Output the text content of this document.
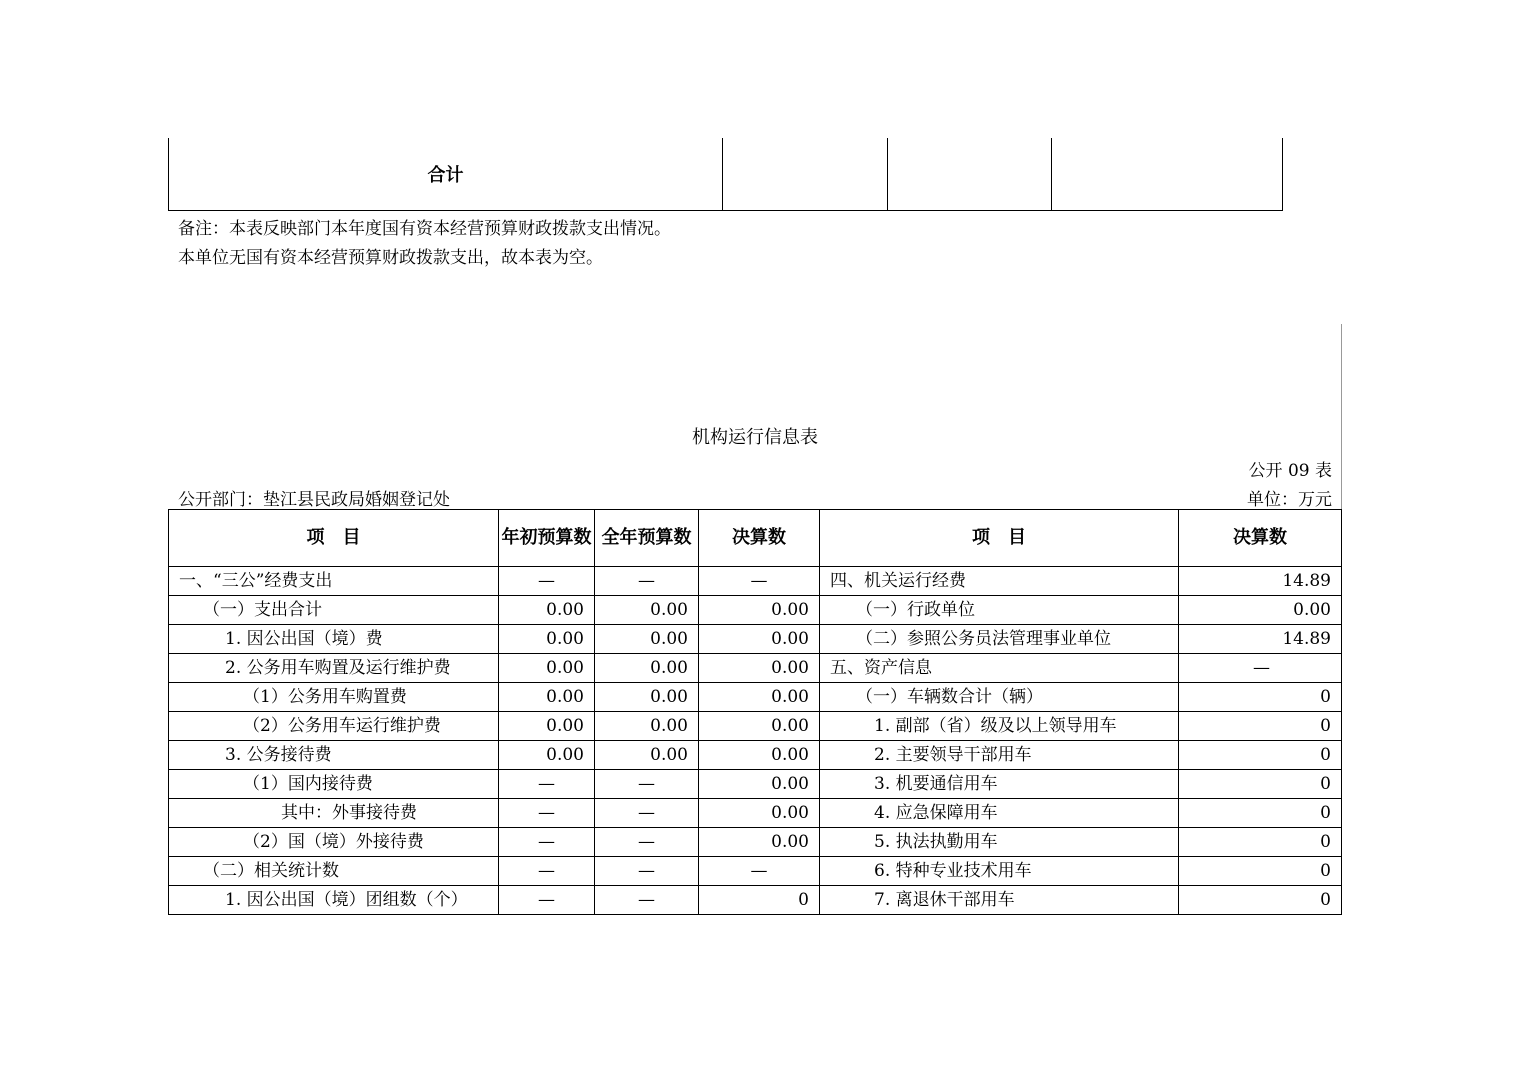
合计			
备注：本表反映部门本年度国有资本经营预算财政拨款支出情况。
本单位无国有资本经营预算财政拨款支出，故本表为空。
机构运行信息表
公开 09 表
公开部门：垫江县民政局婚姻登记处	单位：万元
项　目	年初预算数	全年预算数	决算数	项　目	决算数
一、“三公”经费支出	—	—	—	四、机关运行经费	14.89
（一）支出合计	0.00	0.00	0.00	（一）行政单位	0.00
1. 因公出国（境）费	0.00	0.00	0.00	（二）参照公务员法管理事业单位	14.89
2. 公务用车购置及运行维护费	0.00	0.00	0.00	五、资产信息	—
（1）公务用车购置费	0.00	0.00	0.00	（一）车辆数合计（辆）	0
（2）公务用车运行维护费	0.00	0.00	0.00	1. 副部（省）级及以上领导用车	0
3. 公务接待费	0.00	0.00	0.00	2. 主要领导干部用车	0
（1）国内接待费	—	—	0.00	3. 机要通信用车	0
其中：外事接待费	—	—	0.00	4. 应急保障用车	0
（2）国（境）外接待费	—	—	0.00	5. 执法执勤用车	0
（二）相关统计数	—	—	—	6. 特种专业技术用车	0
1. 因公出国（境）团组数（个）	—	—	0	7. 离退休干部用车	0
